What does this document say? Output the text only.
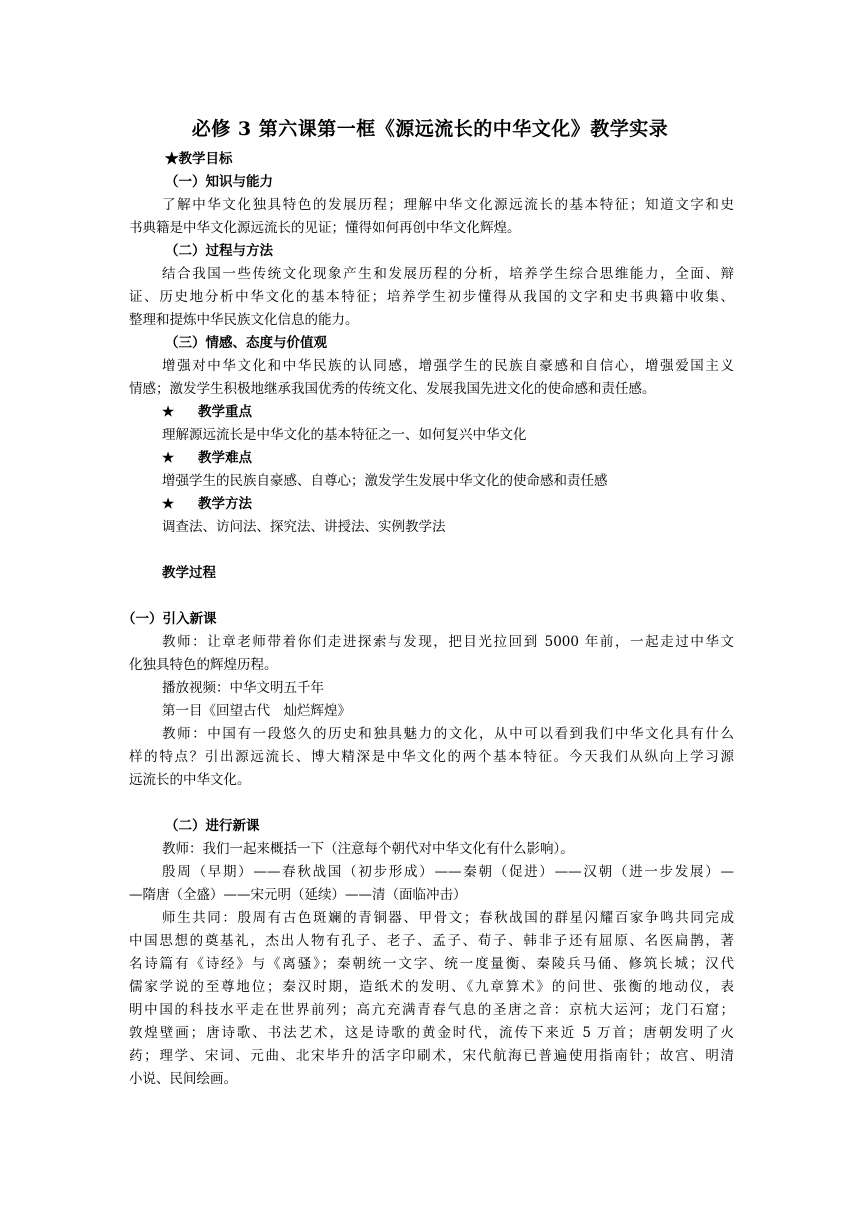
必修 3 第六课第一框《源远流长的中华文化》教学实录
★教学目标
（一）知识与能力
了解中华文化独具特色的发展历程；理解中华文化源远流长的基本特征；知道文字和史
书典籍是中华文化源远流长的见证；懂得如何再创中华文化辉煌。
（二）过程与方法
结合我国一些传统文化现象产生和发展历程的分析，培养学生综合思维能力，全面、辩
证、历史地分析中华文化的基本特征；培养学生初步懂得从我国的文字和史书典籍中收集、
整理和提炼中华民族文化信息的能力。
（三）情感、态度与价值观
增强对中华文化和中华民族的认同感，增强学生的民族自豪感和自信心，增强爱国主义
情感；激发学生积极地继承我国优秀的传统文化、发展我国先进文化的使命感和责任感。
★ 教学重点
理解源远流长是中华文化的基本特征之一、如何复兴中华文化
★ 教学难点
增强学生的民族自豪感、自尊心；激发学生发展中华文化的使命感和责任感
★ 教学方法
调查法、访问法、探究法、讲授法、实例教学法
教学过程
（一）引入新课
教师：让章老师带着你们走进探索与发现，把目光拉回到 5000 年前，一起走过中华文
化独具特色的辉煌历程。
播放视频：中华文明五千年
第一目《回望古代　灿烂辉煌》
教师：中国有一段悠久的历史和独具魅力的文化，从中可以看到我们中华文化具有什么
样的特点？引出源远流长、博大精深是中华文化的两个基本特征。今天我们从纵向上学习源
远流长的中华文化。
（二）进行新课
教师：我们一起来概括一下（注意每个朝代对中华文化有什么影响）。
殷周（早期）——春秋战国（初步形成）——秦朝（促进）——汉朝（进一步发展）—
—隋唐（全盛）——宋元明（延续）——清（面临冲击）
师生共同：殷周有古色斑斓的青铜器、甲骨文；春秋战国的群星闪耀百家争鸣共同完成
中国思想的奠基礼，杰出人物有孔子、老子、孟子、荀子、韩非子还有屈原、名医扁鹊，著
名诗篇有《诗经》与《离骚》；秦朝统一文字、统一度量衡、秦陵兵马俑、修筑长城；汉代
儒家学说的至尊地位；秦汉时期，造纸术的发明、《九章算术》的问世、张衡的地动仪，表
明中国的科技水平走在世界前列；高亢充满青春气息的圣唐之音：京杭大运河；龙门石窟；
敦煌壁画；唐诗歌、书法艺术，这是诗歌的黄金时代，流传下来近 5 万首；唐朝发明了火
药；理学、宋词、元曲、北宋毕升的活字印刷术，宋代航海已普遍使用指南针；故宫、明清
小说、民间绘画。
